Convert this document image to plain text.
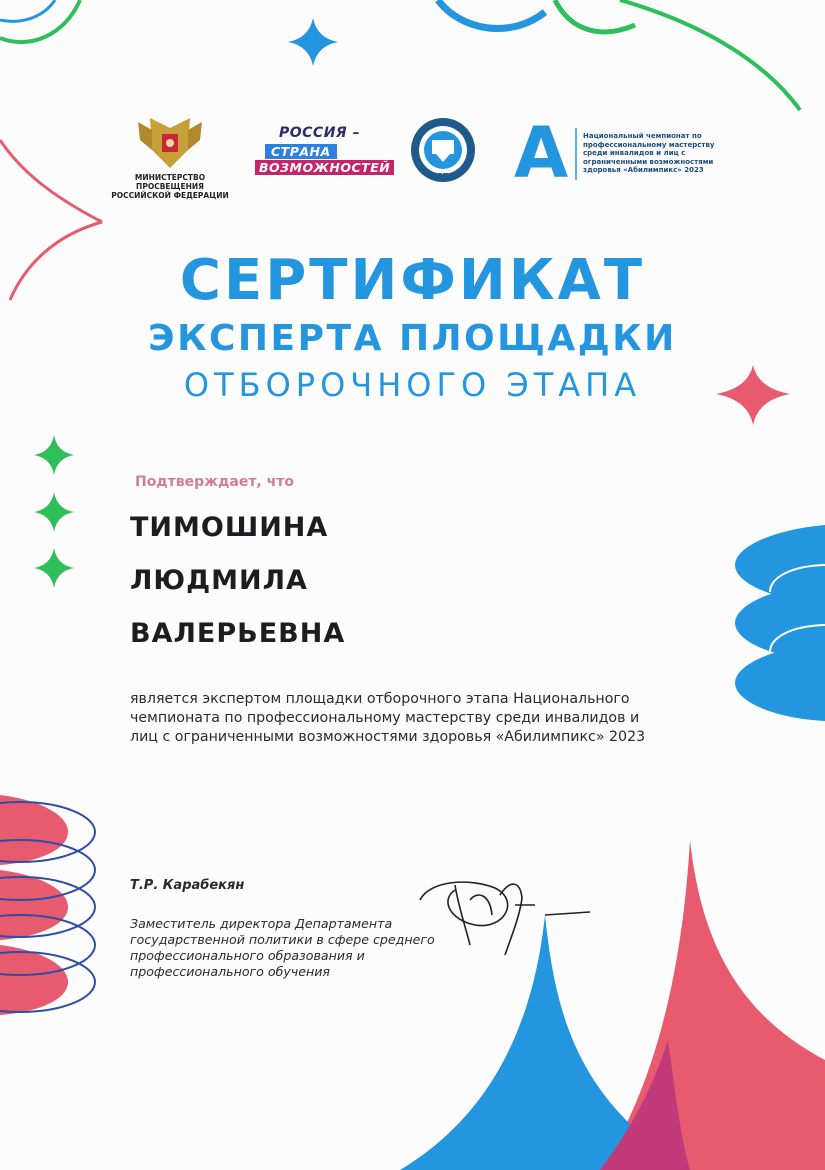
МИНИСТЕРСТВО ПРОСВЕЩЕНИЯ РОССИЙСКОЙ ФЕДЕРАЦИИ
РОССИЯ –
СТРАНА
ВОЗМОЖНОСТЕЙ
ИРПО А Национальный чемпионат по профессиональному мастерству среди инвалидов и лиц с ограниченными возможностями здоровья «Абилимпикс» 2023
СЕРТИФИКАТ
ЭКСПЕРТА ПЛОЩАДКИ
ОТБОРОЧНОГО ЭТАПА
Подтверждает, что
ТИМОШИНА
ЛЮДМИЛА
ВАЛЕРЬЕВНА
является экспертом площадки отборочного этапа Национального чемпионата по профессиональному мастерству среди инвалидов и лиц с ограниченными возможностями здоровья «Абилимпикс» 2023
Т.Р. Карабекян
Заместитель директора Департамента государственной политики в сфере среднего профессионального образования и профессионального обучения
